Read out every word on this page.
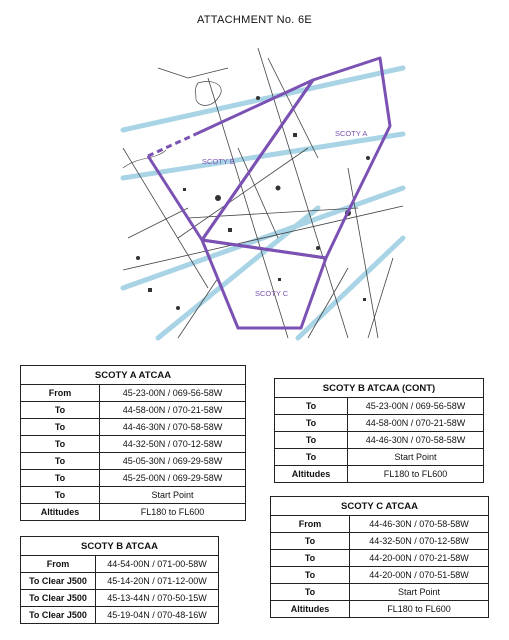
ATTACHMENT No. 6E
SCOTY A
SCOTY B
SCOTY C
SCOTY A ATCAA	
From	45-23-00N / 069-56-58W
To	44-58-00N / 070-21-58W
To	44-46-30N / 070-58-58W
To	44-32-50N / 070-12-58W
To	45-05-30N / 069-29-58W
To	45-25-00N / 069-29-58W
To	Start Point
Altitudes	FL180 to FL600
SCOTY B ATCAA	
From	44-54-00N / 071-00-58W
To Clear J500	45-14-20N / 071-12-00W
To Clear J500	45-13-44N / 070-50-15W
To Clear J500	45-19-04N / 070-48-16W
SCOTY B ATCAA (CONT)	
To	45-23-00N / 069-56-58W
To	44-58-00N / 070-21-58W
To	44-46-30N / 070-58-58W
To	Start Point
Altitudes	FL180 to FL600
SCOTY C ATCAA	
From	44-46-30N / 070-58-58W
To	44-32-50N / 070-12-58W
To	44-20-00N / 070-21-58W
To	44-20-00N / 070-51-58W
To	Start Point
Altitudes	FL180 to FL600
